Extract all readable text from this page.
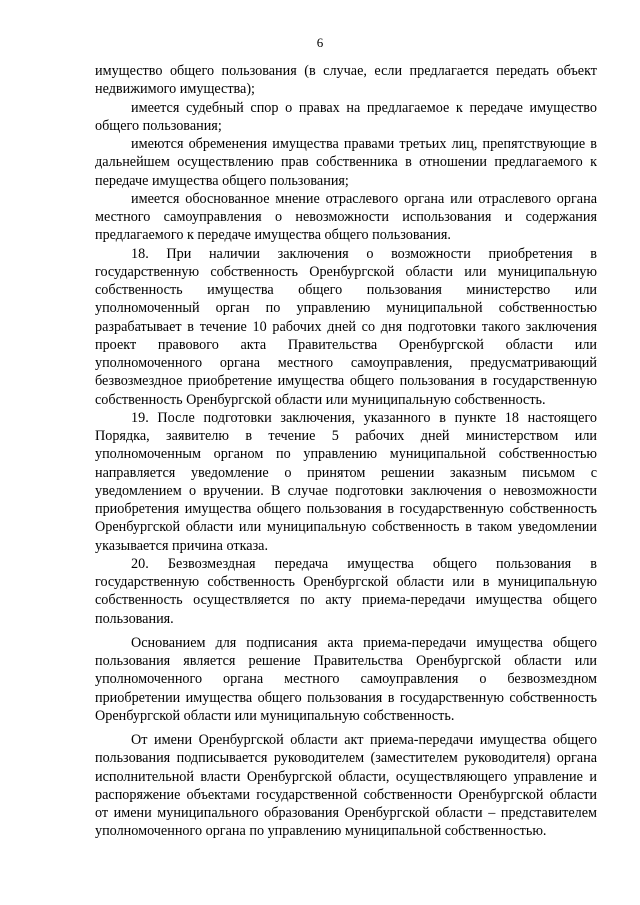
6

имущество общего пользования (в случае, если предлагается передать объект недвижимого имущества);

имеется судебный спор о правах на предлагаемое к передаче имущество общего пользования;

имеются обременения имущества правами третьих лиц, препятствующие в дальнейшем осуществлению прав собственника в отношении предлагаемого к передаче имущества общего пользования;

имеется обоснованное мнение отраслевого органа или отраслевого органа местного самоуправления о невозможности использования и содержания предлагаемого к передаче имущества общего пользования.

18. При наличии заключения о возможности приобретения в государственную собственность Оренбургской области или муниципальную собственность имущества общего пользования министерство или уполномоченный орган по управлению муниципальной собственностью разрабатывает в течение 10 рабочих дней со дня подготовки такого заключения проект правового акта Правительства Оренбургской области или уполномоченного органа местного самоуправления, предусматривающий безвозмездное приобретение имущества общего пользования в государственную собственность Оренбургской области или муниципальную собственность.

19. После подготовки заключения, указанного в пункте 18 настоящего Порядка, заявителю в течение 5 рабочих дней министерством или уполномоченным органом по управлению муниципальной собственностью направляется уведомление о принятом решении заказным письмом с уведомлением о вручении. В случае подготовки заключения о невозможности приобретения имущества общего пользования в государственную собственность Оренбургской области или муниципальную собственность в таком уведомлении указывается причина отказа.

20. Безвозмездная передача имущества общего пользования в государственную собственность Оренбургской области или в муниципальную собственность осуществляется по акту приема-передачи имущества общего пользования.

Основанием для подписания акта приема-передачи имущества общего пользования является решение Правительства Оренбургской области или уполномоченного органа местного самоуправления о безвозмездном приобретении имущества общего пользования в государственную собственность Оренбургской области или муниципальную собственность.

От имени Оренбургской области акт приема-передачи имущества общего пользования подписывается руководителем (заместителем руководителя) органа исполнительной власти Оренбургской области, осуществляющего управление и распоряжение объектами государственной собственности Оренбургской области от имени муниципального образования Оренбургской области – представителем уполномоченного органа по управлению муниципальной собственностью.
